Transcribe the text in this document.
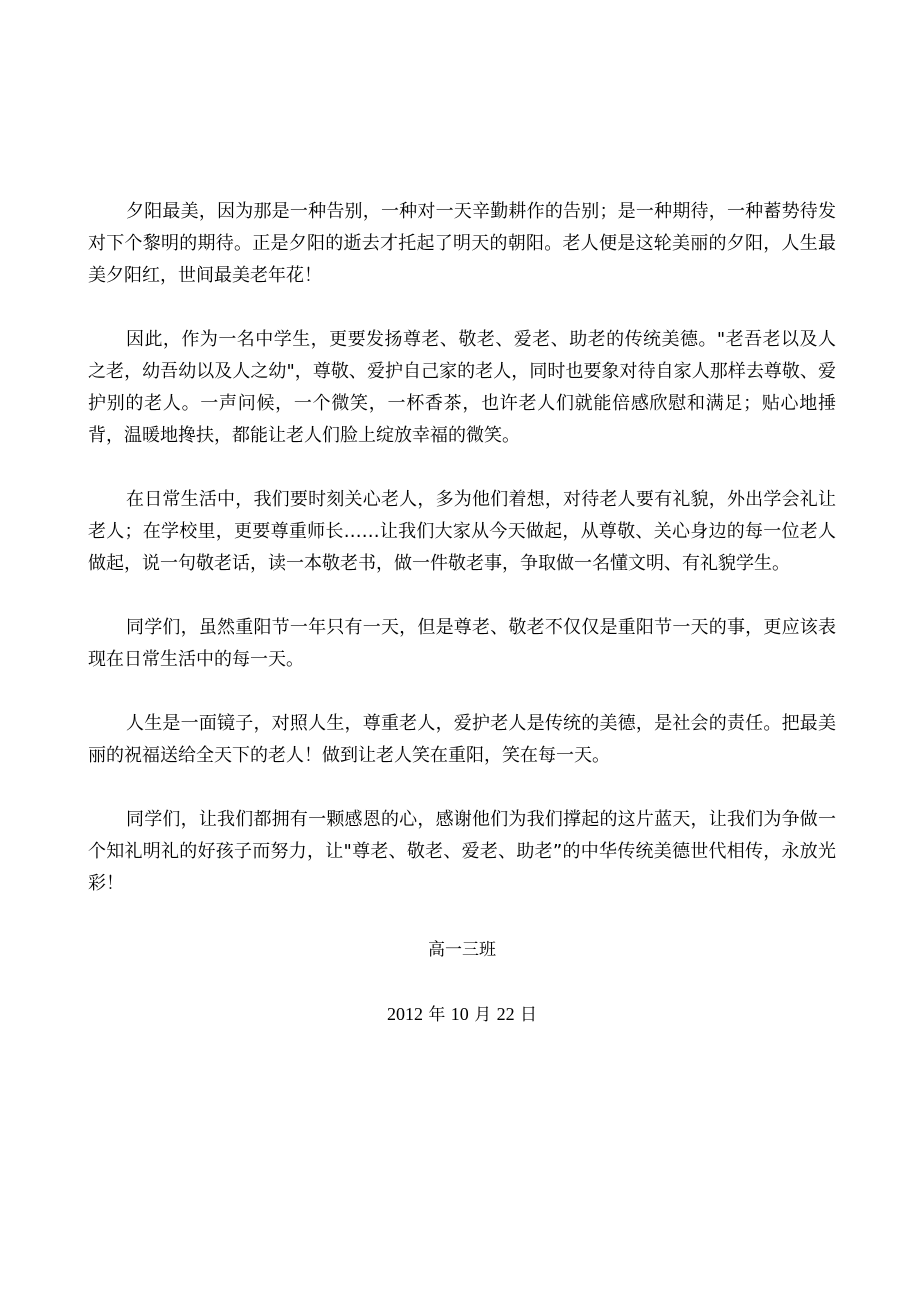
夕阳最美，因为那是一种告别，一种对一天辛勤耕作的告别；是一种期待，一种蓄势待发对下个黎明的期待。正是夕阳的逝去才托起了明天的朝阳。老人便是这轮美丽的夕阳，人生最美夕阳红，世间最美老年花！

因此，作为一名中学生，更要发扬尊老、敬老、爱老、助老的传统美德。"老吾老以及人之老，幼吾幼以及人之幼"，尊敬、爱护自己家的老人，同时也要象对待自家人那样去尊敬、爱护别的老人。一声问候，一个微笑，一杯香茶，也许老人们就能倍感欣慰和满足；贴心地捶背，温暖地搀扶，都能让老人们脸上绽放幸福的微笑。

在日常生活中，我们要时刻关心老人，多为他们着想，对待老人要有礼貌，外出学会礼让老人；在学校里，更要尊重师长……让我们大家从今天做起，从尊敬、关心身边的每一位老人做起，说一句敬老话，读一本敬老书，做一件敬老事，争取做一名懂文明、有礼貌学生。

同学们，虽然重阳节一年只有一天，但是尊老、敬老不仅仅是重阳节一天的事，更应该表现在日常生活中的每一天。

人生是一面镜子，对照人生，尊重老人，爱护老人是传统的美德，是社会的责任。把最美丽的祝福送给全天下的老人！做到让老人笑在重阳，笑在每一天。

同学们，让我们都拥有一颗感恩的心，感谢他们为我们撑起的这片蓝天，让我们为争做一个知礼明礼的好孩子而努力，让"尊老、敬老、爱老、助老”的中华传统美德世代相传，永放光彩！

高一三班
2012 年 10 月 22 日
